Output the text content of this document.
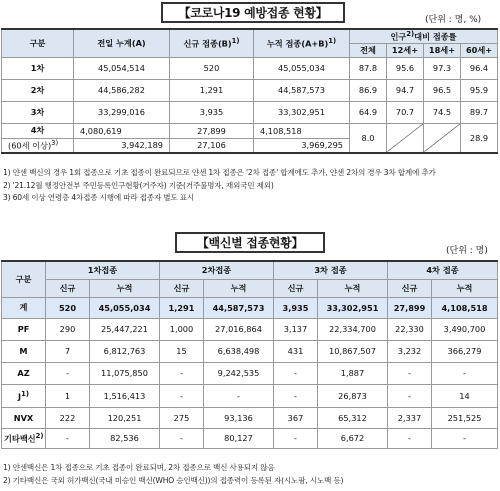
【코로나19 예방접종 현황】	(단위 : 명, %)
구분	전일 누계(A)	신규 접종$(B)^{1)}$	누적 접종$(A+B)^{1)}$	인구$^{2)}$대비 접종률			
				전체	12세+	18세+	60세+
1차	45,054,514	520	45,055,034	87.8	95.6	97.3	96.4
2차	44,586,282	1,291	44,587,573	86.9	94.7	96.5	95.9
3차	33,299,016	3,935	33,302,951	64.9	70.7	74.5	89.7
4차	4,080,619	27,899	4,108,518	8.0			28.9
(60세 이상)$^{3)}$	3,942,189	27,106	3,969,295				
1) 얀센 백신의 경우 1회 접종으로 기초 접종이 완료되므로 얀센 1차 접종은 '2차 접종' 합계에도 추가, 얀센 2차의 경우 3차 합계에 추가
2) '21.12월 행정안전부 주민등록인구현황(거주자) 기준(거주불명자, 재외국민 제외)
3) 60세 이상 연령층 4차접종 시행에 따라 접종자 별도 표시
【백신별 접종현황】
(단위 : 명)
구분	1차접종		2차접종		3차 접종		4차 접종	
	신규	누적	신규	누적	신규	누적	신규	누적
계	520	45,055,034	1,291	44,587,573	3,935	33,302,951	27,899	4,108,518
PF	290	25,447,221	1,000	27,016,864	3,137	22,334,700	22,330	3,490,700
M	7	6,812,763	15	6,638,498	431	10,867,507	3,232	366,279
AZ	-	11,075,850	-	9,242,535	-	1,887	-	-
$J^{1)}$	1	1,516,413	-	-	-	26,873	-	14
NVX	222	120,251	275	93,136	367	65,312	2,337	251,525
기타백신$^{2)}$	-	82,536	-	80,127	-	6,672	-	-
1) 얀센백신은 1차 접종으로 기초 접종이 완료되며, 2차 접종으로 백신 사용되지 않음
2) 기타백신은 국외 허가백신(국내 미승인 백신(WHO 승인백신))의 접종력이 등록된 자(시노팜, 시노백 등)
